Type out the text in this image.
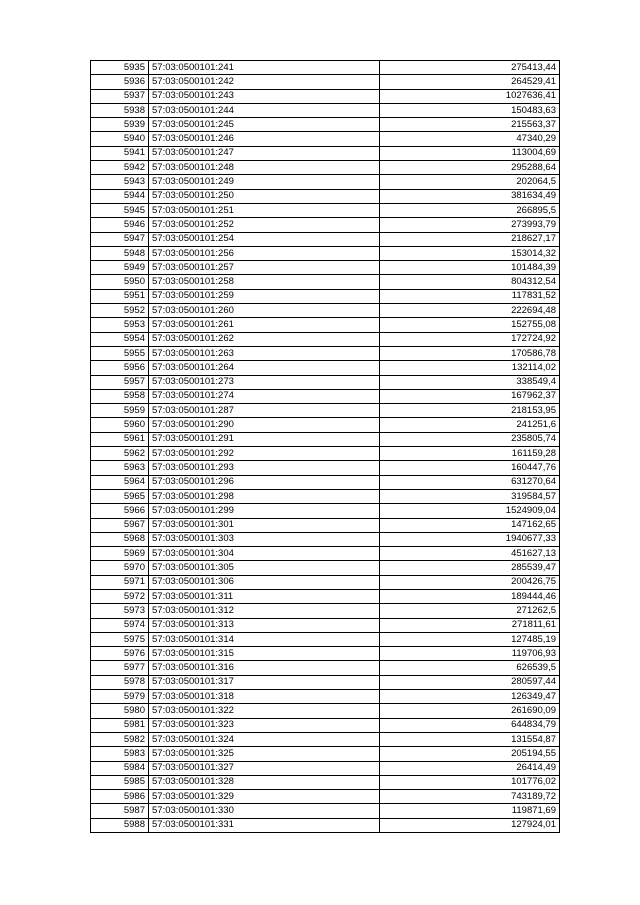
5935	57:03:0500101:241	275413,44
5936	57:03:0500101:242	264529,41
5937	57:03:0500101:243	1027636,41
5938	57:03:0500101:244	150483,63
5939	57:03:0500101:245	215563,37
5940	57:03:0500101:246	47340,29
5941	57:03:0500101:247	113004,69
5942	57:03:0500101:248	295288,64
5943	57:03:0500101:249	202064,5
5944	57:03:0500101:250	381634,49
5945	57:03:0500101:251	266895,5
5946	57:03:0500101:252	273993,79
5947	57:03:0500101:254	218627,17
5948	57:03:0500101:256	153014,32
5949	57:03:0500101:257	101484,39
5950	57:03:0500101:258	804312,54
5951	57:03:0500101:259	117831,52
5952	57:03:0500101:260	222694,48
5953	57:03:0500101:261	152755,08
5954	57:03:0500101:262	172724,92
5955	57:03:0500101:263	170586,78
5956	57:03:0500101:264	132114,02
5957	57:03:0500101:273	338549,4
5958	57:03:0500101:274	167962,37
5959	57:03:0500101:287	218153,95
5960	57:03:0500101:290	241251,6
5961	57:03:0500101:291	235805,74
5962	57:03:0500101:292	161159,28
5963	57:03:0500101:293	160447,76
5964	57:03:0500101:296	631270,64
5965	57:03:0500101:298	319584,57
5966	57:03:0500101:299	1524909,04
5967	57:03:0500101:301	147162,65
5968	57:03:0500101:303	1940677,33
5969	57:03:0500101:304	451627,13
5970	57:03:0500101:305	285539,47
5971	57:03:0500101:306	200426,75
5972	57:03:0500101:311	189444,46
5973	57:03:0500101:312	271262,5
5974	57:03:0500101:313	271811,61
5975	57:03:0500101:314	127485,19
5976	57:03:0500101:315	119706,93
5977	57:03:0500101:316	626539,5
5978	57:03:0500101:317	280597,44
5979	57:03:0500101:318	126349,47
5980	57:03:0500101:322	261690,09
5981	57:03:0500101:323	644834,79
5982	57:03:0500101:324	131554,87
5983	57:03:0500101:325	205194,55
5984	57:03:0500101:327	26414,49
5985	57:03:0500101:328	101776,02
5986	57:03:0500101:329	743189,72
5987	57:03:0500101:330	119871,69
5988	57:03:0500101:331	127924,01
